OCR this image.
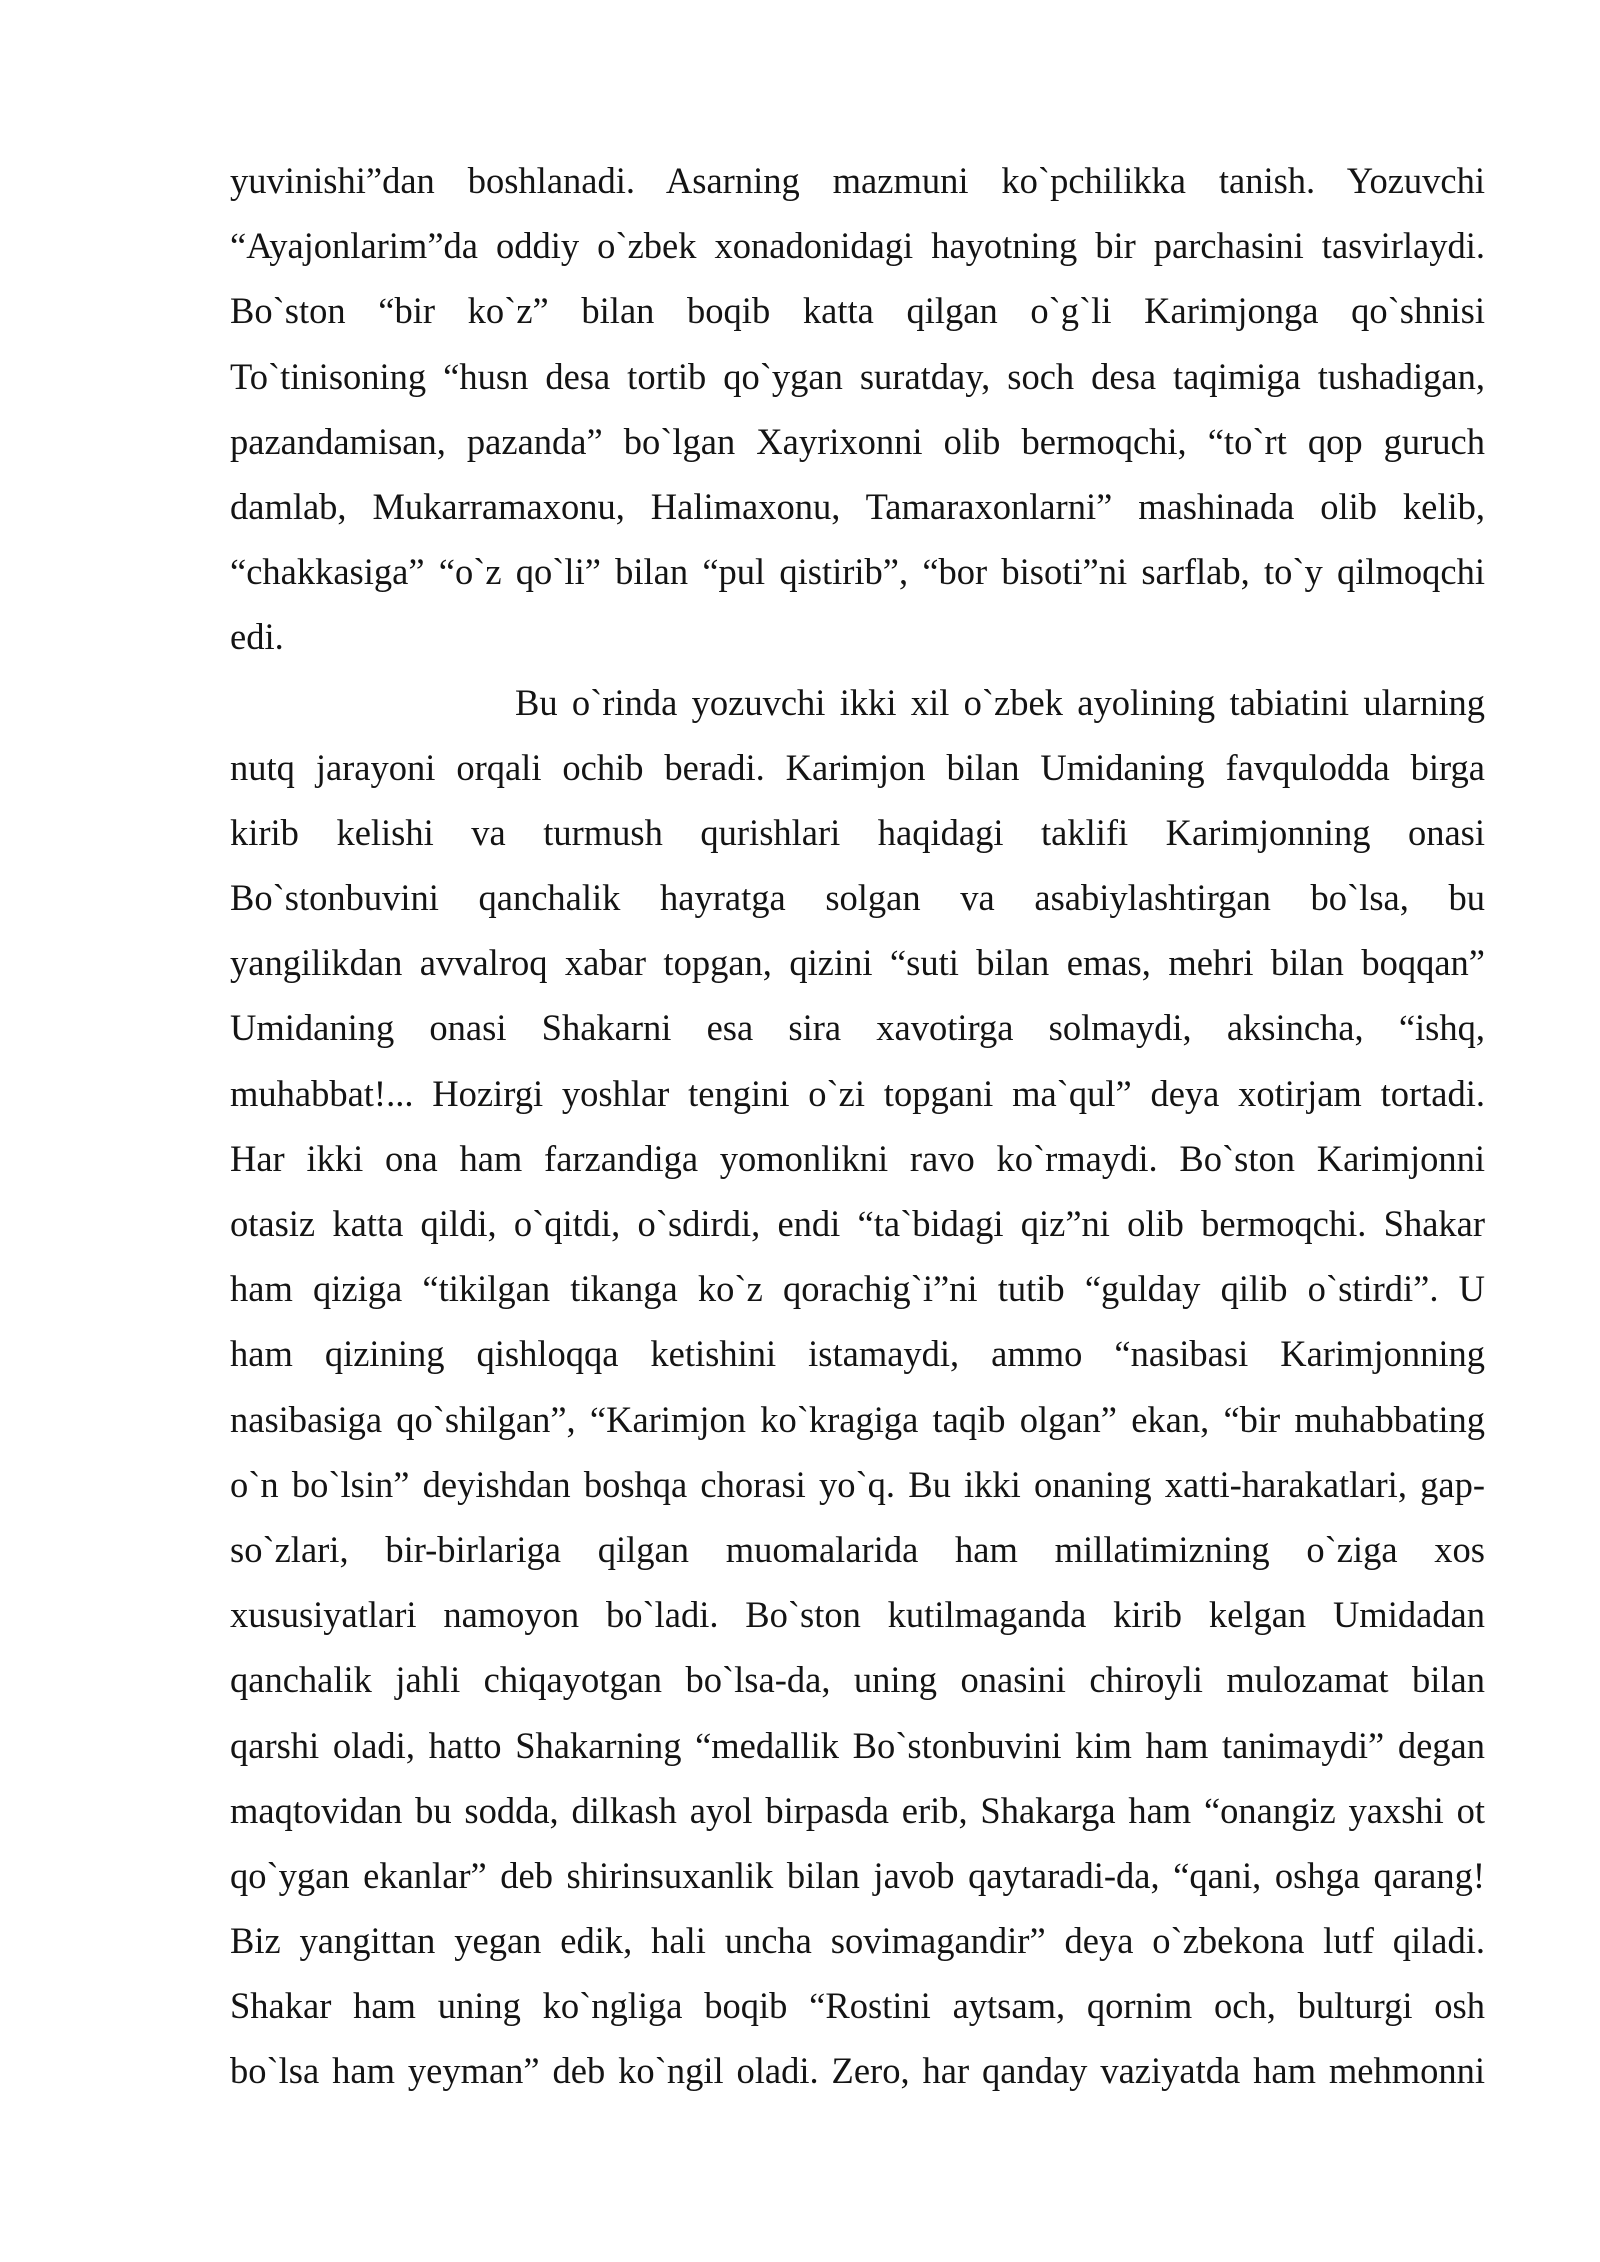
yuvinishi”dan boshlanadi. Asarning mazmuni ko`pchilikka tanish. Yozuvchi
“Ayajonlarim”da oddiy o`zbek xonadonidagi hayotning bir parchasini tasvirlaydi.
Bo`ston “bir ko`z” bilan boqib katta qilgan o`g`li Karimjonga qo`shnisi
To`tinisoning “husn desa tortib qo`ygan suratday, soch desa taqimiga tushadigan,
pazandamisan, pazanda” bo`lgan Xayrixonni olib bermoqchi, “to`rt qop guruch
damlab, Mukarramaxonu, Halimaxonu, Tamaraxonlarni” mashinada olib kelib,
“chakkasiga” “o`z qo`li” bilan “pul qistirib”, “bor bisoti”ni sarflab, to`y qilmoqchi
edi.
Bu o`rinda yozuvchi ikki xil o`zbek ayolining tabiatini ularning
nutq jarayoni orqali ochib beradi. Karimjon bilan Umidaning favqulodda birga
kirib kelishi va turmush qurishlari haqidagi taklifi Karimjonning onasi
Bo`stonbuvini qanchalik hayratga solgan va asabiylashtirgan bo`lsa, bu
yangilikdan avvalroq xabar topgan, qizini “suti bilan emas, mehri bilan boqqan”
Umidaning onasi Shakarni esa sira xavotirga solmaydi, aksincha, “ishq,
muhabbat!... Hozirgi yoshlar tengini o`zi topgani ma`qul” deya xotirjam tortadi.
Har ikki ona ham farzandiga yomonlikni ravo ko`rmaydi. Bo`ston Karimjonni
otasiz katta qildi, o`qitdi, o`sdirdi, endi “ta`bidagi qiz”ni olib bermoqchi. Shakar
ham qiziga “tikilgan tikanga ko`z qorachig`i”ni tutib “gulday qilib o`stirdi”. U
ham qizining qishloqqa ketishini istamaydi, ammo “nasibasi Karimjonning
nasibasiga qo`shilgan”, “Karimjon ko`kragiga taqib olgan” ekan, “bir muhabbating
o`n bo`lsin” deyishdan boshqa chorasi yo`q. Bu ikki onaning xatti-harakatlari, gap-
so`zlari, bir-birlariga qilgan muomalarida ham millatimizning o`ziga xos
xususiyatlari namoyon bo`ladi. Bo`ston kutilmaganda kirib kelgan Umidadan
qanchalik jahli chiqayotgan bo`lsa-da, uning onasini chiroyli mulozamat bilan
qarshi oladi, hatto Shakarning “medallik Bo`stonbuvini kim ham tanimaydi” degan
maqtovidan bu sodda, dilkash ayol birpasda erib, Shakarga ham “onangiz yaxshi ot
qo`ygan ekanlar” deb shirinsuxanlik bilan javob qaytaradi-da, “qani, oshga qarang!
Biz yangittan yegan edik, hali uncha sovimagandir” deya o`zbekona lutf qiladi.
Shakar ham uning ko`ngliga boqib “Rostini aytsam, qornim och, bulturgi osh
bo`lsa ham yeyman” deb ko`ngil oladi. Zero, har qanday vaziyatda ham mehmonni
